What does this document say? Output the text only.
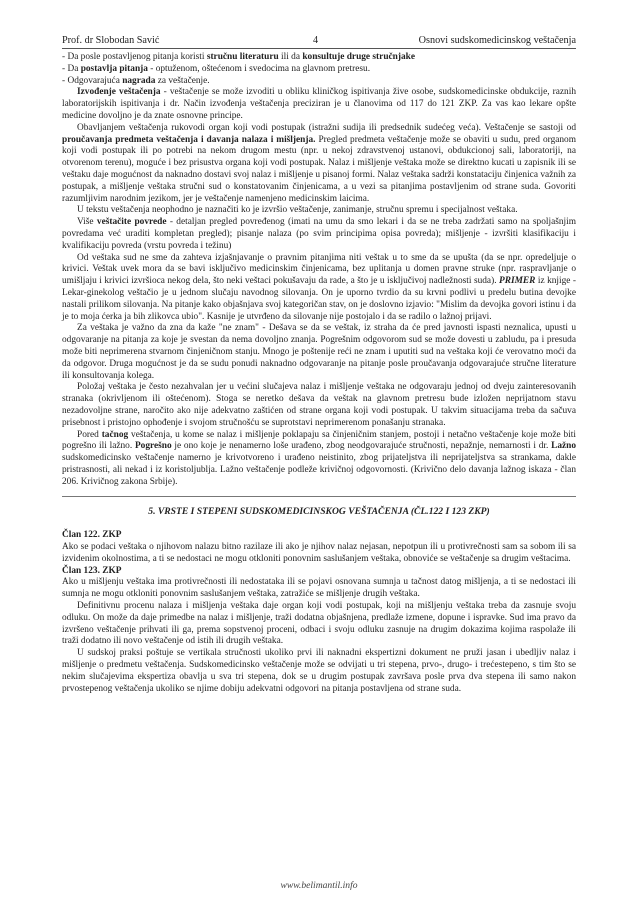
Prof. dr Slobodan Savić	4	Osnovi sudskomedicinskog veštačenja

- Da posle postavljenog pitanja koristi stručnu literaturu ili da konsultuje druge stručnjake

- Da postavlja pitanja - optuženom, oštećenom i svedocima na glavnom pretresu.

- Odgovarajuća nagrada za veštačenje.

Izvođenje veštačenja - veštačenje se može izvoditi u obliku kliničkog ispitivanja žive osobe, sudskomedicinske obdukcije, raznih laboratorijskih ispitivanja i dr. Način izvođenja veštačenja preciziran je u članovima od 117 do 121 ZKP. Za vas kao lekare opšte medicine dovoljno je da znate osnovne principe.

Obavljanjem veštačenja rukovodi organ koji vodi postupak (istražni sudija ili predsednik sudećeg veća). Veštačenje se sastoji od proučavanja predmeta veštačenja i davanja nalaza i mišljenja. Pregled predmeta veštačenje može se obaviti u sudu, pred organom koji vodi postupak ili po potrebi na nekom drugom mestu (npr. u nekoj zdravstvenoj ustanovi, obdukcionoj sali, laboratoriji, na otvorenom terenu), moguće i bez prisustva organa koji vodi postupak. Nalaz i mišljenje veštaka može se direktno kucati u zapisnik ili se veštaku daje mogućnost da naknadno dostavi svoj nalaz i mišljenje u pisanoj formi. Nalaz veštaka sadrži konstataciju činjenica važnih za postupak, a mišljenje veštaka stručni sud o konstatovanim činjenicama, a u vezi sa pitanjima postavljenim od strane suda. Govoriti razumljivim narodnim jezikom, jer je veštačenje namenjeno medicinskim laicima.

U tekstu veštačenja neophodno je naznačiti ko je izvršio veštačenje, zanimanje, stručnu spremu i specijalnost veštaka.

Više veštačite povrede - detaljan pregled povređenog (imati na umu da smo lekari i da se ne treba zadržati samo na spoljašnjim povredama već uraditi kompletan pregled); pisanje nalaza (po svim principima opisa povreda); mišljenje - izvršiti klasifikaciju i kvalifikaciju povreda (vrstu povreda i težinu)

Od veštaka sud ne sme da zahteva izjašnjavanje o pravnim pitanjima niti veštak u to sme da se upušta (da se npr. opredeljuje o krivici. Veštak uvek mora da se bavi isključivo medicinskim činjenicama, bez uplitanja u domen pravne struke (npr. raspravljanje o umišljaju i krivici izvršioca nekog dela, što neki veštaci pokušavaju da rade, a što je u isključivoj nadležnosti suda). PRIMER iz knjige - Lekar-ginekolog veštačio je u jednom slučaju navodnog silovanja. On je uporno tvrdio da su krvni podlivi u predelu butina devojke nastali prilikom silovanja. Na pitanje kako objašnjava svoj kategoričan stav, on je doslovno izjavio: "Mislim da devojka govori istinu i da je to moja ćerka ja bih zlikovca ubio". Kasnije je utvrđeno da silovanje nije postojalo i da se radilo o lažnoj prijavi.

Za veštaka je važno da zna da kaže "ne znam" - Dešava se da se veštak, iz straha da će pred javnosti ispasti neznalica, upusti u odgovaranje na pitanja za koje je svestan da nema dovoljno znanja. Pogrešnim odgovorom sud se može dovesti u zabludu, pa i presuda može biti neprimerena stvarnom činjeničnom stanju. Mnogo je poštenije reći ne znam i uputiti sud na veštaka koji će verovatno moći da da odgovor. Druga mogućnost je da se sudu ponudi naknadno odgovaranje na pitanje posle proučavanja odgovarajuće stručne literature ili konsultovanja kolega.

Položaj veštaka je često nezahvalan jer u većini slučajeva nalaz i mišljenje veštaka ne odgovaraju jednoj od dveju zainteresovanih stranaka (okrivljenom ili oštećenom). Stoga se neretko dešava da veštak na glavnom pretresu bude izložen neprijatnom stavu nezadovoljne strane, naročito ako nije adekvatno zaštićen od strane organa koji vodi postupak. U takvim situacijama treba da sačuva prisebnost i pristojno ophođenje i svojom stručnošću se suprotstavi neprimerenom ponašanju stranaka.

Pored tačnog veštačenja, u kome se nalaz i mišljenje poklapaju sa činjeničnim stanjem, postoji i netačno veštačenje koje može biti pogrešno ili lažno. Pogrešno je ono koje je nenamerno loše urađeno, zbog neodgovarajuće stručnosti, nepažnje, nemarnosti i dr. Lažno sudskomedicinsko veštačenje namerno je krivotvoreno i urađeno neistinito, zbog prijateljstva ili neprijateljstva sa strankama, dakle pristrasnosti, ali nekad i iz koristoljublja. Lažno veštačenje podleže krivičnoj odgovornosti. (Krivično delo davanja lažnog iskaza - član 206. Krivičnog zakona Srbije).

5. VRSTE I STEPENI SUDSKOMEDICINSKOG VEŠTAČENJA (ČL.122 I 123 ZKP)

Član 122. ZKP

Ako se podaci veštaka o njihovom nalazu bitno razilaze ili ako je njihov nalaz nejasan, nepotpun ili u protivrečnosti sam sa sobom ili sa izvidenim okolnostima, a ti se nedostaci ne mogu otkloniti ponovnim saslušanjem veštaka, obnoviće se veštačenje sa drugim veštacima.

Član 123. ZKP

Ako u mišljenju veštaka ima protivrečnosti ili nedostataka ili se pojavi osnovana sumnja u tačnost datog mišljenja, a ti se nedostaci ili sumnja ne mogu otkloniti ponovnim saslušanjem veštaka, zatražiće se mišljenje drugih veštaka.

Definitivnu procenu nalaza i mišljenja veštaka daje organ koji vodi postupak, koji na mišljenju veštaka treba da zasnuje svoju odluku. On može da daje primedbe na nalaz i mišljenje, traži dodatna objašnjena, predlaže izmene, dopune i ispravke. Sud ima pravo da izvršeno veštačenje prihvati ili ga, prema sopstvenoj proceni, odbaci i svoju odluku zasnuje na drugim dokazima kojima raspolaže ili traži dodatno ili novo veštačenje od istih ili drugih veštaka.

U sudskoj praksi poštuje se vertikala stručnosti ukoliko prvi ili naknadni ekspertizni dokument ne pruži jasan i ubedljiv nalaz i mišljenje o predmetu veštačenja. Sudskomedicinsko veštačenje može se odvijati u tri stepena, prvo-, drugo- i trećestepeno, s tim što se nekim slučajevima ekspertiza obavlja u sva tri stepena, dok se u drugim postupak završava posle prva dva stepena ili samo nakon prvostepenog veštačenja ukoliko se njime dobiju adekvatni odgovori na pitanja postavljena od strane suda.

www.belimantil.info
